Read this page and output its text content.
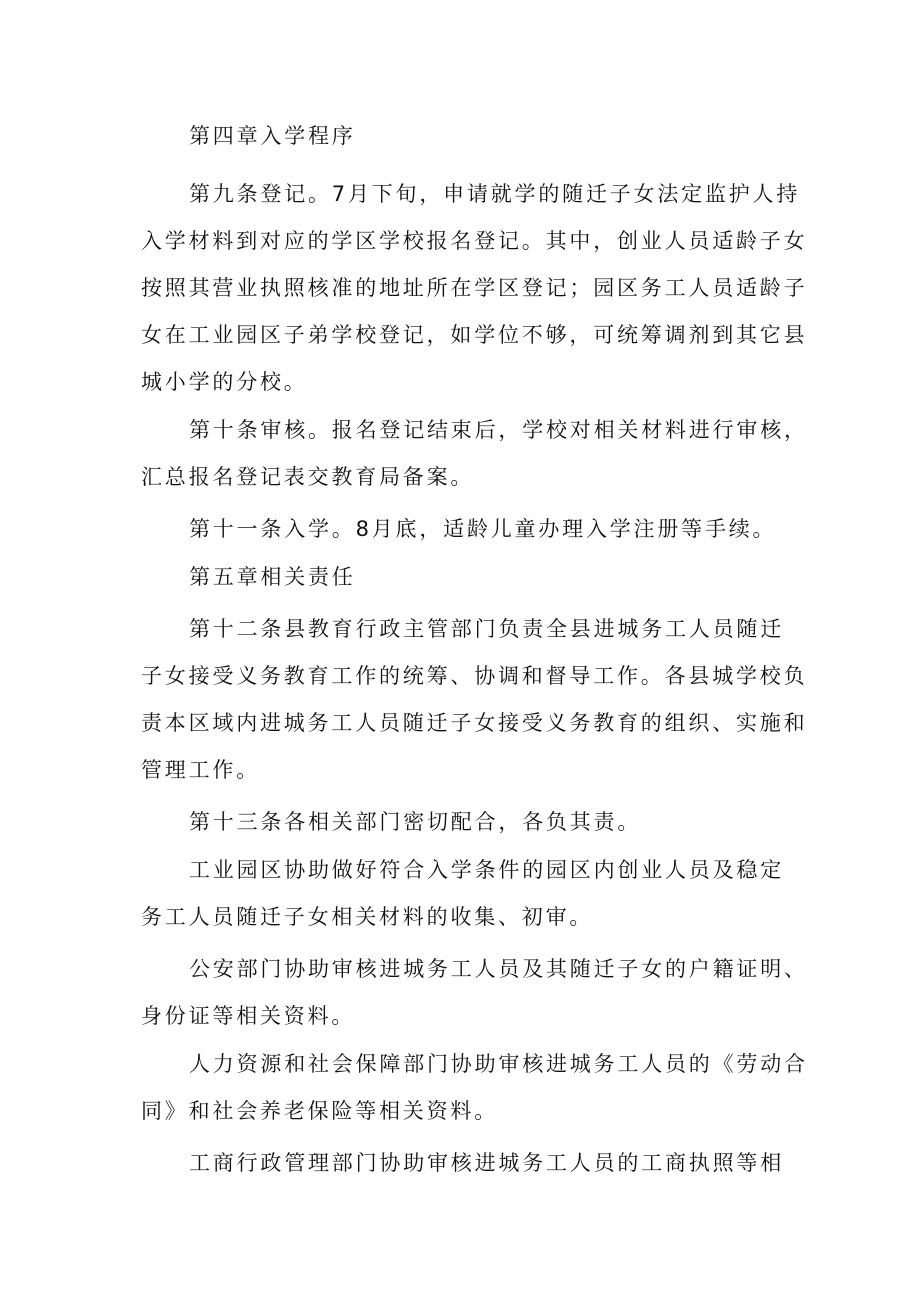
第四章入学程序
第九条登记。7月下旬，申请就学的随迁子女法定监护人持
入学材料到对应的学区学校报名登记。其中，创业人员适龄子女
按照其营业执照核准的地址所在学区登记；园区务工人员适龄子
女在工业园区子弟学校登记，如学位不够，可统筹调剂到其它县
城小学的分校。
第十条审核。报名登记结束后，学校对相关材料进行审核，
汇总报名登记表交教育局备案。
第十一条入学。8月底，适龄儿童办理入学注册等手续。
第五章相关责任
第十二条县教育行政主管部门负责全县进城务工人员随迁
子女接受义务教育工作的统筹、协调和督导工作。各县城学校负
责本区域内进城务工人员随迁子女接受义务教育的组织、实施和
管理工作。
第十三条各相关部门密切配合，各负其责。
工业园区协助做好符合入学条件的园区内创业人员及稳定
务工人员随迁子女相关材料的收集、初审。
公安部门协助审核进城务工人员及其随迁子女的户籍证明、
身份证等相关资料。
人力资源和社会保障部门协助审核进城务工人员的《劳动合
同》和社会养老保险等相关资料。
工商行政管理部门协助审核进城务工人员的工商执照等相
